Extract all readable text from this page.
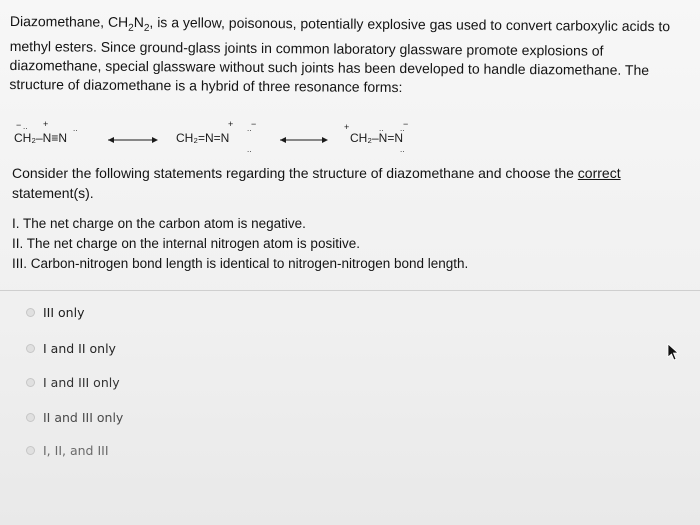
Diazomethane, $CH_2N_2$, is a yellow, poisonous, potentially explosive gas used to convert carboxylic acids to
methyl esters. Since ground-glass joints in common laboratory glassware promote explosions of
diazomethane, special glassware without such joints has been developed to handle diazomethane. The
structure of diazomethane is a hybrid of three resonance forms:

CH₂–N≡N
− +
..	..
CH₂=N=N
+ −
..
..
CH₂–N=N
+	−
.. ..
..

Consider the following statements regarding the structure of diazomethane and choose the correct
statement(s).

I. The net charge on the carbon atom is negative.
II. The net charge on the internal nitrogen atom is positive.
III. Carbon-nitrogen bond length is identical to nitrogen-nitrogen bond length.
III only
I and II only
I and III only
II and III only
I, II, and III
